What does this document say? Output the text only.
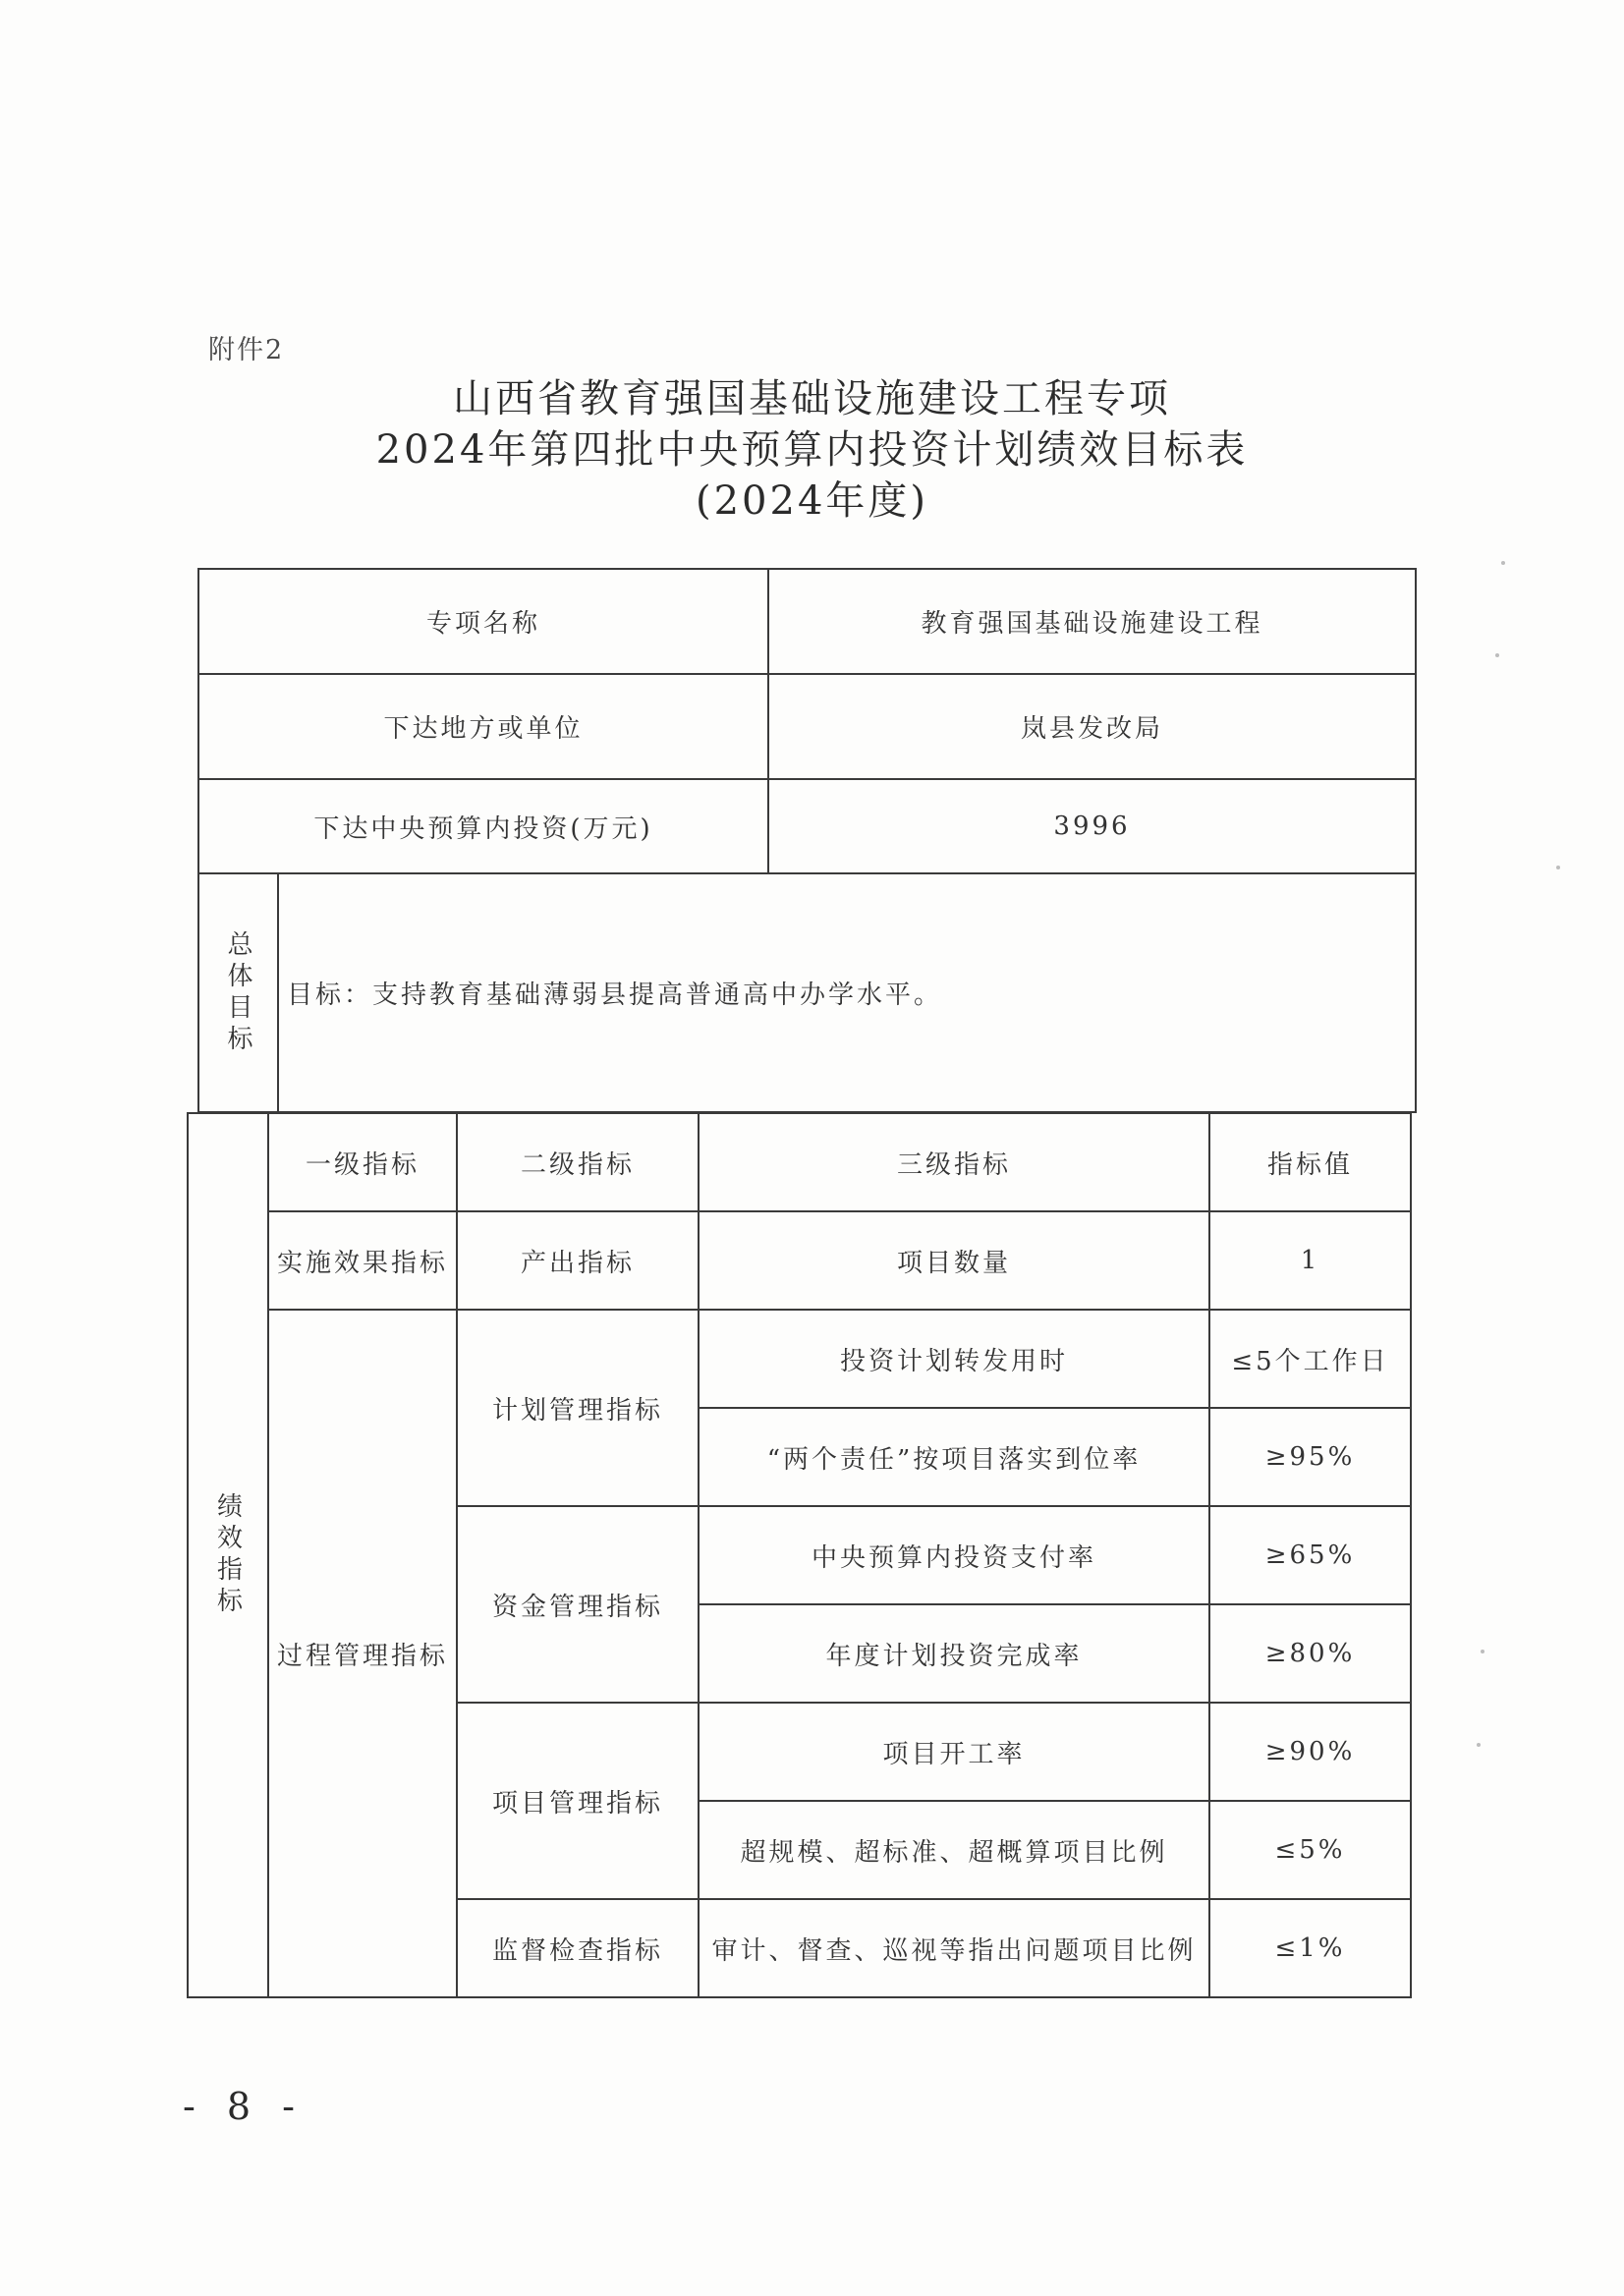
附件2
山西省教育强国基础设施建设工程专项
2024年第四批中央预算内投资计划绩效目标表
(2024年度)
专项名称		教育强国基础设施建设工程
下达地方或单位		岚县发改局
下达中央预算内投资(万元)		3996

总体目标	目标：支持教育基础薄弱县提高普通高中办学水平。	
绩效指标	一级指标	二级指标	三级指标	指标值
	实施效果指标	产出指标	项目数量	1
	过程管理指标	计划管理指标	投资计划转发用时	≤5个工作日
			“两个责任”按项目落实到位率	≥95%
		资金管理指标	中央预算内投资支付率	≥65%
			年度计划投资完成率	≥80%
		项目管理指标	项目开工率	≥90%
			超规模、超标准、超概算项目比例	≤5%
		监督检查指标	审计、督查、巡视等指出问题项目比例	≤1%
- 8 -
